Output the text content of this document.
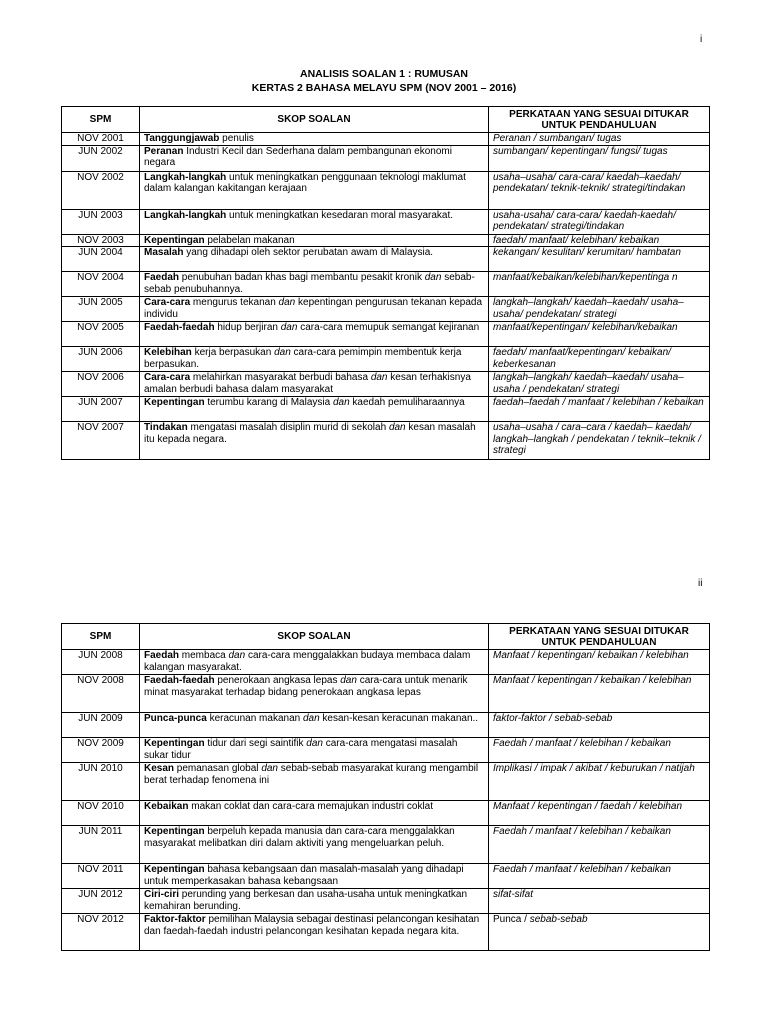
i
ANALISIS SOALAN 1 : RUMUSAN
KERTAS 2 BAHASA MELAYU SPM (NOV 2001 – 2016)
SPM	SKOP SOALAN	PERKATAAN YANG SESUAI DITUKAR
UNTUK PENDAHULUAN
NOV 2001	Tanggungjawab penulis	Peranan / sumbangan/ tugas
JUN 2002	Peranan Industri Kecil dan Sederhana dalam pembangunan ekonomi negara	sumbangan/ kepentingan/ fungsi/ tugas
NOV 2002	Langkah-langkah untuk meningkatkan penggunaan teknologi maklumat dalam kalangan kakitangan kerajaan	usaha–usaha/ cara-cara/ kaedah–kaedah/ pendekatan/ teknik-teknik/ strategi/tindakan
JUN 2003	Langkah-langkah untuk meningkatkan kesedaran moral masyarakat.	usaha-usaha/ cara-cara/ kaedah-kaedah/ pendekatan/ strategi/tindakan
NOV 2003	Kepentingan pelabelan makanan	faedah/ manfaat/ kelebihan/ kebaikan
JUN 2004	Masalah yang dihadapi oleh sektor perubatan awam di Malaysia.	kekangan/ kesulitan/ kerumitan/ hambatan
NOV 2004	Faedah penubuhan badan khas bagi membantu pesakit kronik dan sebab-sebab penubuhannya.	manfaat/kebaikan/kelebihan/kepentinga n
JUN 2005	Cara-cara mengurus tekanan dan kepentingan pengurusan tekanan kepada individu	langkah–langkah/ kaedah–kaedah/ usaha–usaha/ pendekatan/ strategi
NOV 2005	Faedah-faedah hidup berjiran dan cara-cara memupuk semangat kejiranan	manfaat/kepentingan/ kelebihan/kebaikan
JUN 2006	Kelebihan kerja berpasukan dan cara-cara pemimpin membentuk kerja berpasukan.	faedah/ manfaat/kepentingan/ kebaikan/ keberkesanan
NOV 2006	Cara-cara melahirkan masyarakat berbudi bahasa dan kesan terhakisnya amalan berbudi bahasa dalam masyarakat	langkah–langkah/ kaedah–kaedah/ usaha–usaha / pendekatan/ strategi
JUN 2007	Kepentingan terumbu karang di Malaysia dan kaedah pemuliharaannya	faedah–faedah / manfaat / kelebihan / kebaikan
NOV 2007	Tindakan mengatasi masalah disiplin murid di sekolah dan kesan masalah itu kepada negara.	usaha–usaha / cara–cara / kaedah– kaedah/ langkah–langkah / pendekatan / teknik–teknik / strategi
ii
SPM	SKOP SOALAN	PERKATAAN YANG SESUAI DITUKAR
UNTUK PENDAHULUAN
JUN 2008	Faedah membaca dan cara-cara menggalakkan budaya membaca dalam kalangan masyarakat.	Manfaat / kepentingan/ kebaikan / kelebihan
NOV 2008	Faedah-faedah penerokaan angkasa lepas dan cara-cara untuk menarik minat masyarakat terhadap bidang penerokaan angkasa lepas	Manfaat / kepentingan / kebaikan / kelebihan
JUN 2009	Punca-punca keracunan makanan dan kesan-kesan keracunan makanan..	faktor-faktor / sebab-sebab
NOV 2009	Kepentingan tidur dari segi saintifik dan cara-cara mengatasi masalah sukar tidur	Faedah / manfaat / kelebihan / kebaikan
JUN 2010	Kesan pemanasan global dan sebab-sebab masyarakat kurang mengambil berat terhadap fenomena ini	Implikasi / impak / akibat / keburukan / natijah
NOV 2010	Kebaikan makan coklat dan cara-cara memajukan industri coklat	Manfaat / kepentingan / faedah / kelebihan
JUN 2011	Kepentingan berpeluh kepada manusia dan cara-cara menggalakkan masyarakat melibatkan diri dalam aktiviti yang mengeluarkan peluh.	Faedah / manfaat / kelebihan / kebaikan
NOV 2011	Kepentingan bahasa kebangsaan dan masalah-masalah yang dihadapi untuk memperkasakan bahasa kebangsaan	Faedah / manfaat / kelebihan / kebaikan
JUN 2012	Ciri-ciri perunding yang berkesan dan usaha-usaha untuk meningkatkan kemahiran berunding.	sifat-sifat
NOV 2012	Faktor-faktor pemilihan Malaysia sebagai destinasi pelancongan kesihatan dan faedah-faedah industri pelancongan kesihatan kepada negara kita.	Punca / sebab-sebab
